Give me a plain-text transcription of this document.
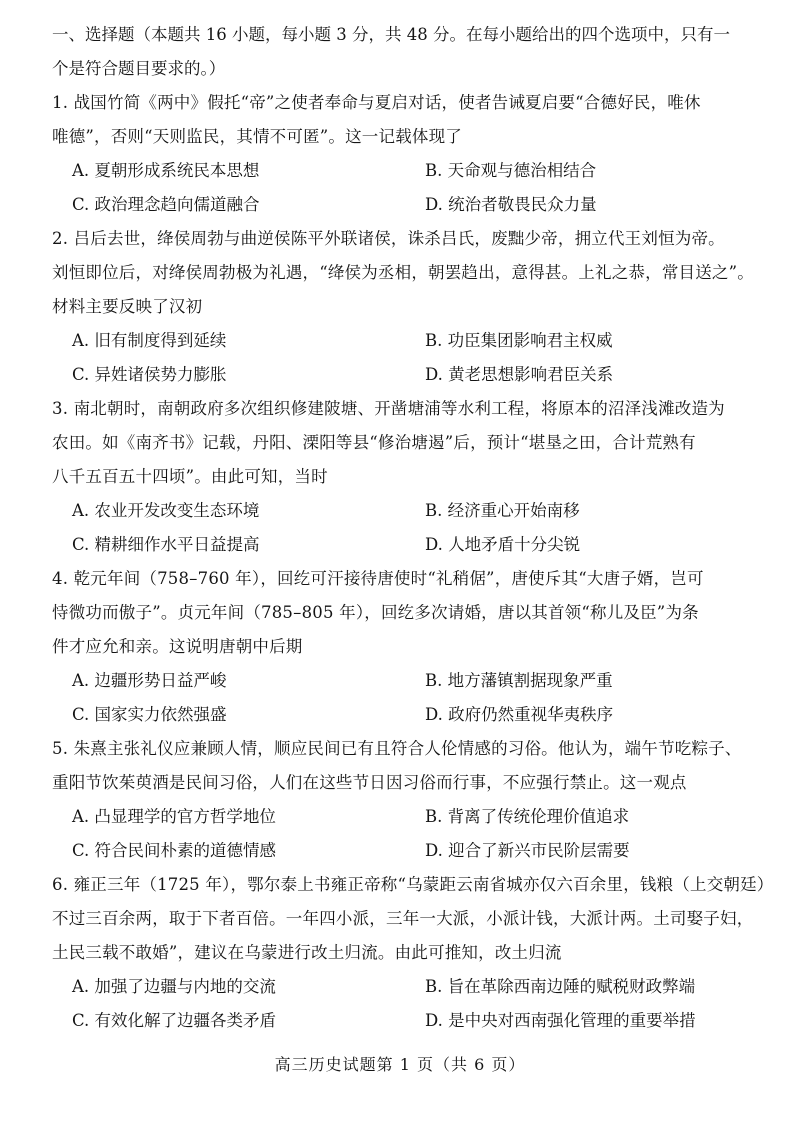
一、选择题（本题共 16 小题，每小题 3 分，共 48 分。在每小题给出的四个选项中，只有一
个是符合题目要求的。）
1. 战国竹简《两中》假托“帝”之使者奉命与夏启对话，使者告诫夏启要“合德好民，唯休
唯德”，否则“天则监民，其情不可匿”。这一记载体现了
A. 夏朝形成系统民本思想	B. 天命观与德治相结合
C. 政治理念趋向儒道融合	D. 统治者敬畏民众力量
2. 吕后去世，绛侯周勃与曲逆侯陈平外联诸侯，诛杀吕氏，废黜少帝，拥立代王刘恒为帝。
刘恒即位后，对绛侯周勃极为礼遇，“绛侯为丞相，朝罢趋出，意得甚。上礼之恭，常目送之”。
材料主要反映了汉初
A. 旧有制度得到延续	B. 功臣集团影响君主权威
C. 异姓诸侯势力膨胀	D. 黄老思想影响君臣关系
3. 南北朝时，南朝政府多次组织修建陂塘、开凿塘浦等水利工程，将原本的沼泽浅滩改造为
农田。如《南齐书》记载，丹阳、溧阳等县“修治塘遏”后，预计“堪垦之田，合计荒熟有
八千五百五十四顷”。由此可知，当时
A. 农业开发改变生态环境	B. 经济重心开始南移
C. 精耕细作水平日益提高	D. 人地矛盾十分尖锐
4. 乾元年间（758–760 年），回纥可汗接待唐使时“礼稍倨”，唐使斥其“大唐子婿，岂可
恃微功而傲子”。贞元年间（785–805 年），回纥多次请婚，唐以其首领“称儿及臣”为条
件才应允和亲。这说明唐朝中后期
A. 边疆形势日益严峻	B. 地方藩镇割据现象严重
C. 国家实力依然强盛	D. 政府仍然重视华夷秩序
5. 朱熹主张礼仪应兼顾人情，顺应民间已有且符合人伦情感的习俗。他认为，端午节吃粽子、
重阳节饮茱萸酒是民间习俗，人们在这些节日因习俗而行事，不应强行禁止。这一观点
A. 凸显理学的官方哲学地位	B. 背离了传统伦理价值追求
C. 符合民间朴素的道德情感	D. 迎合了新兴市民阶层需要
6. 雍正三年（1725 年），鄂尔泰上书雍正帝称“乌蒙距云南省城亦仅六百余里，钱粮（上交朝廷）
不过三百余两，取于下者百倍。一年四小派，三年一大派，小派计钱，大派计两。土司娶子妇，
土民三载不敢婚”，建议在乌蒙进行改土归流。由此可推知，改土归流
A. 加强了边疆与内地的交流	B. 旨在革除西南边陲的赋税财政弊端
C. 有效化解了边疆各类矛盾	D. 是中央对西南强化管理的重要举措
高三历史试题第 1 页（共 6 页）
